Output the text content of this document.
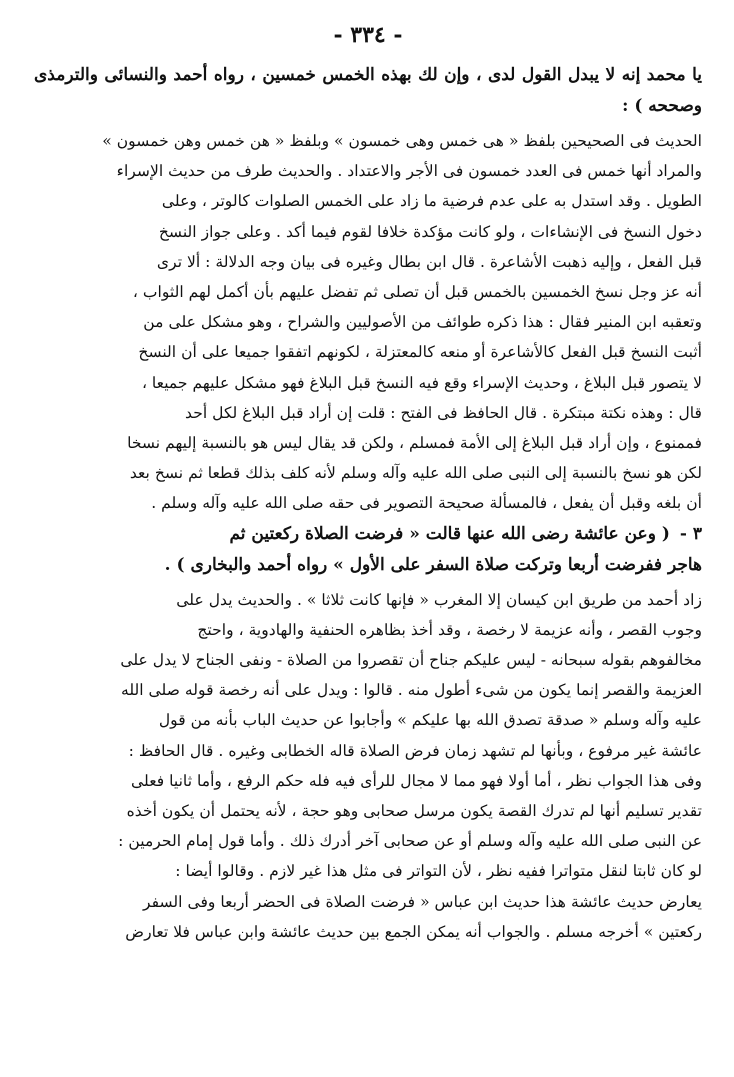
- ٣٣٤ -

يا محمد إنه لا يبدل القول لدى ، وإن لك بهذه الخمس خمسين ، رواه أحمد والنسائى والترمذى وصححه ) :

الحديث فى الصحيحين بلفظ « هى خمس وهى خمسون » وبلفظ « هن خمس وهن خمسون »

والمراد أنها خمس فى العدد خمسون فى الأجر والاعتداد . والحديث طرف من حديث الإسراء

الطويل . وقد استدل به على عدم فرضية ما زاد على الخمس الصلوات كالوتر ، وعلى

دخول النسخ فى الإنشاءات ، ولو كانت مؤكدة خلافا لقوم فيما أكد . وعلى جواز النسخ

قبل الفعل ، وإليه ذهبت الأشاعرة . قال ابن بطال وغيره فى بيان وجه الدلالة : ألا ترى

أنه عز وجل نسخ الخمسين بالخمس قبل أن تصلى ثم تفضل عليهم بأن أكمل لهم الثواب ،

وتعقبه ابن المنير فقال : هذا ذكره طوائف من الأصوليين والشراح ، وهو مشكل على من

أثبت النسخ قبل الفعل كالأشاعرة أو منعه كالمعتزلة ، لكونهم اتفقوا جميعا على أن النسخ

لا يتصور قبل البلاغ ، وحديث الإسراء وقع فيه النسخ قبل البلاغ فهو مشكل عليهم جميعا ،

قال : وهذه نكتة مبتكرة . قال الحافظ فى الفتح : قلت إن أراد قبل البلاغ لكل أحد

فممنوع ، وإن أراد قبل البلاغ إلى الأمة فمسلم ، ولكن قد يقال ليس هو بالنسبة إليهم نسخا

لكن هو نسخ بالنسبة إلى النبى صلى الله عليه وآله وسلم لأنه كلف بذلك قطعا ثم نسخ بعد

أن بلغه وقبل أن يفعل ، فالمسألة صحيحة التصوير فى حقه صلى الله عليه وآله وسلم .

٣ -( وعن عائشة رضى الله عنها قالت « فرضت الصلاة ركعتين ثم

هاجر ففرضت أربعا وتركت صلاة السفر على الأول » رواه أحمد والبخارى ) .

زاد أحمد من طريق ابن كيسان إلا المغرب « فإنها كانت ثلاثا » . والحديث يدل على

وجوب القصر ، وأنه عزيمة لا رخصة ، وقد أخذ بظاهره الحنفية والهادوية ، واحتج

مخالفوهم بقوله سبحانه - ليس عليكم جناح أن تقصروا من الصلاة - ونفى الجناح لا يدل على

العزيمة والقصر إنما يكون من شىء أطول منه . قالوا : ويدل على أنه رخصة قوله صلى الله

عليه وآله وسلم « صدقة تصدق الله بها عليكم » وأجابوا عن حديث الباب بأنه من قول

عائشة غير مرفوع ، وبأنها لم تشهد زمان فرض الصلاة قاله الخطابى وغيره . قال الحافظ :

وفى هذا الجواب نظر ، أما أولا فهو مما لا مجال للرأى فيه فله حكم الرفع ، وأما ثانيا فعلى

تقدير تسليم أنها لم تدرك القصة يكون مرسل صحابى وهو حجة ، لأنه يحتمل أن يكون أخذه

عن النبى صلى الله عليه وآله وسلم أو عن صحابى آخر أدرك ذلك . وأما قول إمام الحرمين :

لو كان ثابتا لنقل متواترا ففيه نظر ، لأن التواتر فى مثل هذا غير لازم . وقالوا أيضا :

يعارض حديث عائشة هذا حديث ابن عباس « فرضت الصلاة فى الحضر أربعا وفى السفر

ركعتين » أخرجه مسلم . والجواب أنه يمكن الجمع بين حديث عائشة وابن عباس فلا تعارض
